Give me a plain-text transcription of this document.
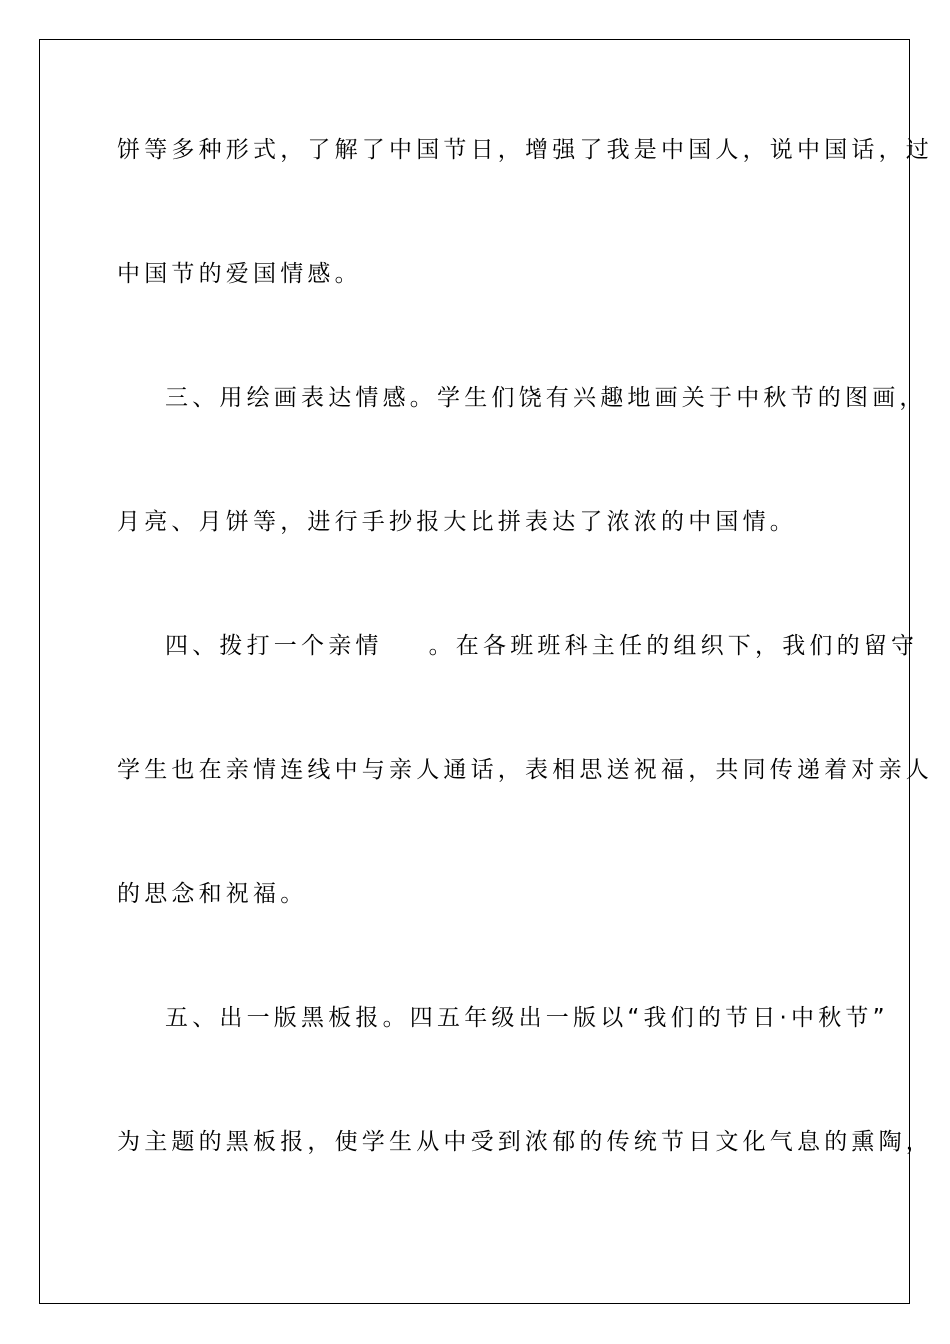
饼等多种形式，了解了中国节日，增强了我是中国人，说中国话，过

中国节的爱国情感。

三、用绘画表达情感。学生们饶有兴趣地画关于中秋节的图画，

月亮、月饼等，进行手抄报大比拼表达了浓浓的中国情。

四、拨打一个亲情 。在各班班科主任的组织下，我们的留守

学生也在亲情连线中与亲人通话，表相思送祝福，共同传递着对亲人

的思念和祝福。

五、出一版黑板报。四五年级出一版以“我们的节日·中秋节”

为主题的黑板报，使学生从中受到浓郁的传统节日文化气息的熏陶，
